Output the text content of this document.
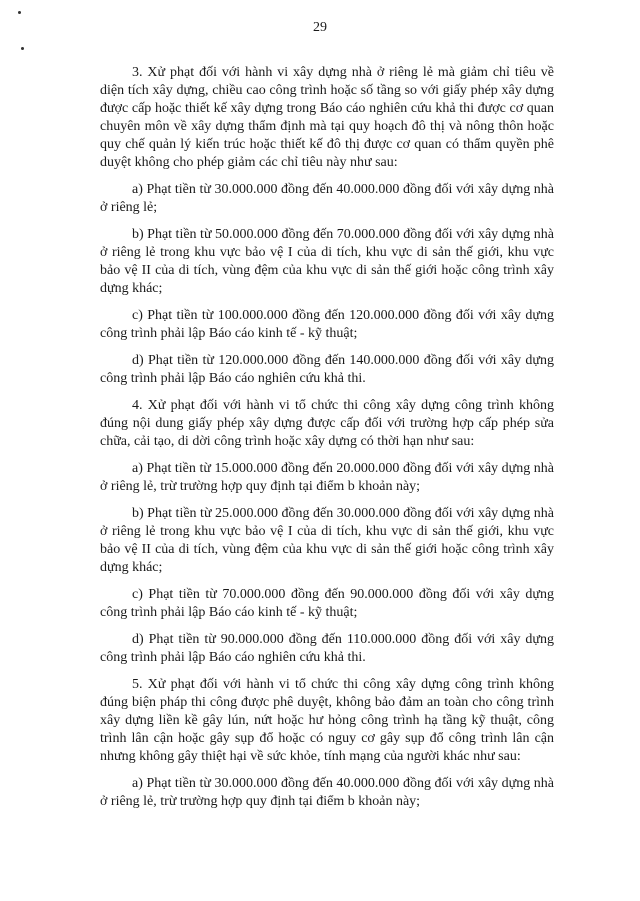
29

3. Xử phạt đối với hành vi xây dựng nhà ở riêng lẻ mà giảm chỉ tiêu về diện tích xây dựng, chiều cao công trình hoặc số tầng so với giấy phép xây dựng được cấp hoặc thiết kế xây dựng trong Báo cáo nghiên cứu khả thi được cơ quan chuyên môn về xây dựng thẩm định mà tại quy hoạch đô thị và nông thôn hoặc quy chế quản lý kiến trúc hoặc thiết kế đô thị được cơ quan có thẩm quyền phê duyệt không cho phép giảm các chỉ tiêu này như sau:

a) Phạt tiền từ 30.000.000 đồng đến 40.000.000 đồng đối với xây dựng nhà ở riêng lẻ;

b) Phạt tiền từ 50.000.000 đồng đến 70.000.000 đồng đối với xây dựng nhà ở riêng lẻ trong khu vực bảo vệ I của di tích, khu vực di sản thế giới, khu vực bảo vệ II của di tích, vùng đệm của khu vực di sản thế giới hoặc công trình xây dựng khác;

c) Phạt tiền từ 100.000.000 đồng đến 120.000.000 đồng đối với xây dựng công trình phải lập Báo cáo kinh tế - kỹ thuật;

d) Phạt tiền từ 120.000.000 đồng đến 140.000.000 đồng đối với xây dựng công trình phải lập Báo cáo nghiên cứu khả thi.

4. Xử phạt đối với hành vi tổ chức thi công xây dựng công trình không đúng nội dung giấy phép xây dựng được cấp đối với trường hợp cấp phép sửa chữa, cải tạo, di dời công trình hoặc xây dựng có thời hạn như sau:

a) Phạt tiền từ 15.000.000 đồng đến 20.000.000 đồng đối với xây dựng nhà ở riêng lẻ, trừ trường hợp quy định tại điểm b khoản này;

b) Phạt tiền từ 25.000.000 đồng đến 30.000.000 đồng đối với xây dựng nhà ở riêng lẻ trong khu vực bảo vệ I của di tích, khu vực di sản thế giới, khu vực bảo vệ II của di tích, vùng đệm của khu vực di sản thế giới hoặc công trình xây dựng khác;

c) Phạt tiền từ 70.000.000 đồng đến 90.000.000 đồng đối với xây dựng công trình phải lập Báo cáo kinh tế - kỹ thuật;

d) Phạt tiền từ 90.000.000 đồng đến 110.000.000 đồng đối với xây dựng công trình phải lập Báo cáo nghiên cứu khả thi.

5. Xử phạt đối với hành vi tổ chức thi công xây dựng công trình không đúng biện pháp thi công được phê duyệt, không bảo đảm an toàn cho công trình xây dựng liền kề gây lún, nứt hoặc hư hỏng công trình hạ tầng kỹ thuật, công trình lân cận hoặc gây sụp đổ hoặc có nguy cơ gây sụp đổ công trình lân cận nhưng không gây thiệt hại về sức khỏe, tính mạng của người khác như sau:

a) Phạt tiền từ 30.000.000 đồng đến 40.000.000 đồng đối với xây dựng nhà ở riêng lẻ, trừ trường hợp quy định tại điểm b khoản này;
